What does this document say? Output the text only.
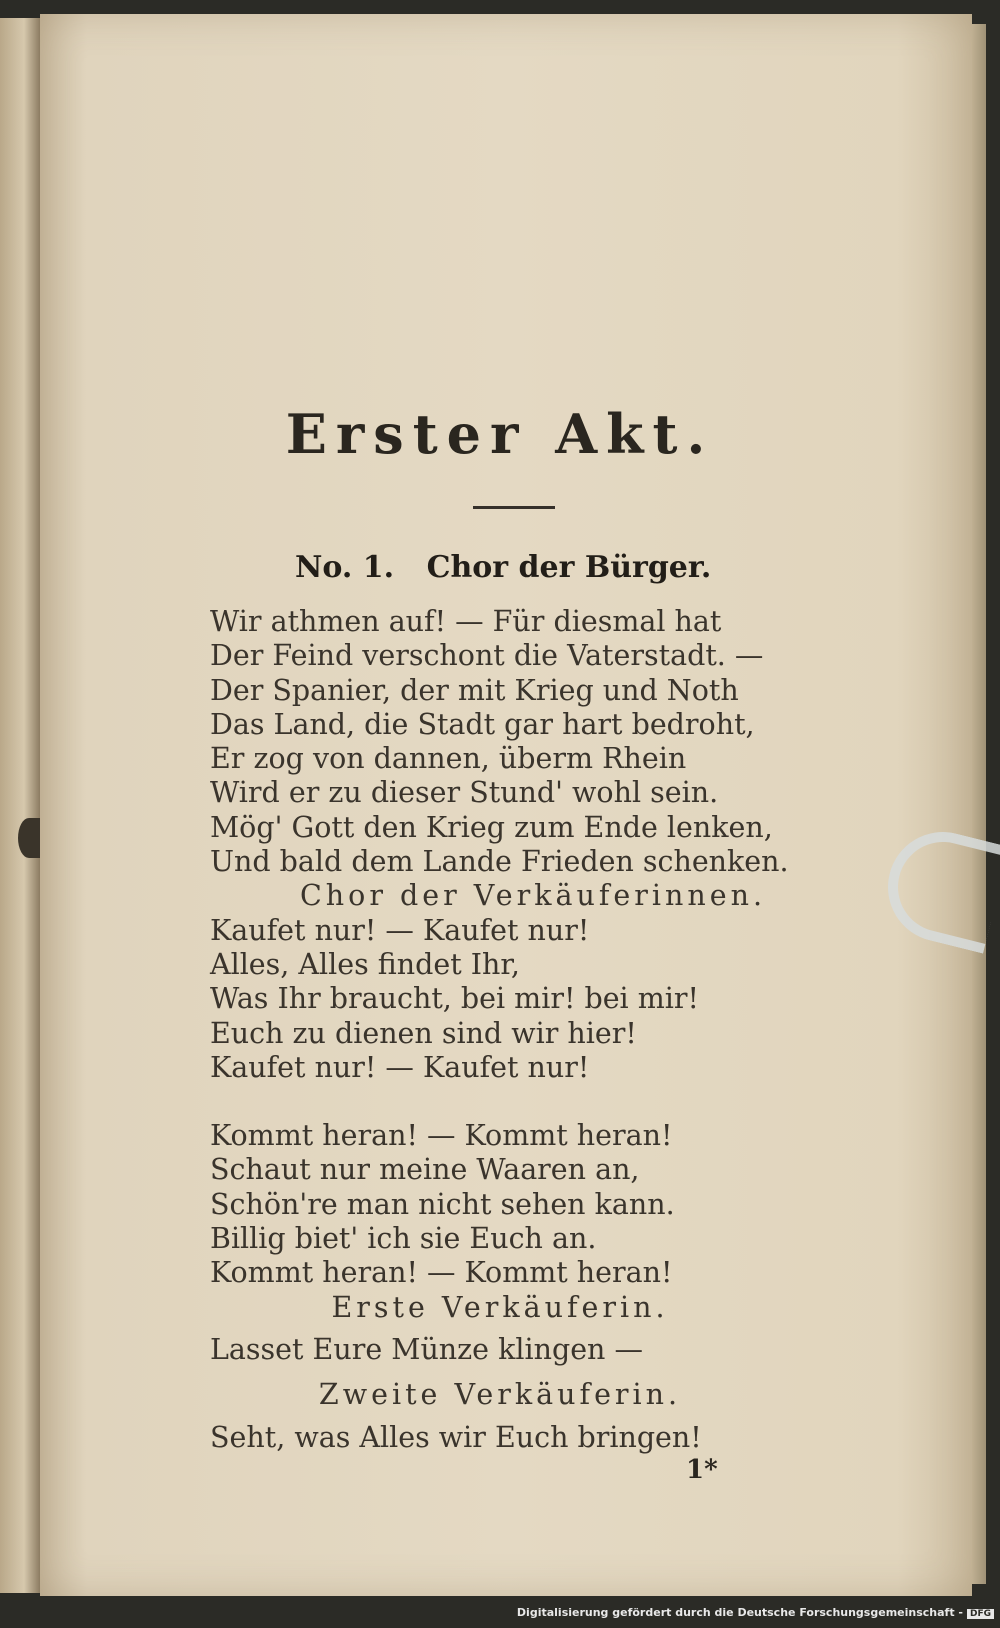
Erster Akt.
No. 1. Chor der Bürger.
Wir athmen auf! — Für diesmal hat
Der Feind verschont die Vaterstadt. —
Der Spanier, der mit Krieg und Noth
Das Land, die Stadt gar hart bedroht,
Er zog von dannen, überm Rhein
Wird er zu dieser Stund' wohl sein.
Mög' Gott den Krieg zum Ende lenken,
Und bald dem Lande Frieden schenken.
Chor der Verkäuferinnen.
Kaufet nur! — Kaufet nur!
Alles, Alles findet Ihr,
Was Ihr braucht, bei mir! bei mir!
Euch zu dienen sind wir hier!
Kaufet nur! — Kaufet nur!
Kommt heran! — Kommt heran!
Schaut nur meine Waaren an,
Schön're man nicht sehen kann.
Billig biet' ich sie Euch an.
Kommt heran! — Kommt heran!
Erste Verkäuferin.
Lasset Eure Münze klingen —
Zweite Verkäuferin.
Seht, was Alles wir Euch bringen!
1*
Digitalisierung gefördert durch die Deutsche Forschungsgemeinschaft - DFG
